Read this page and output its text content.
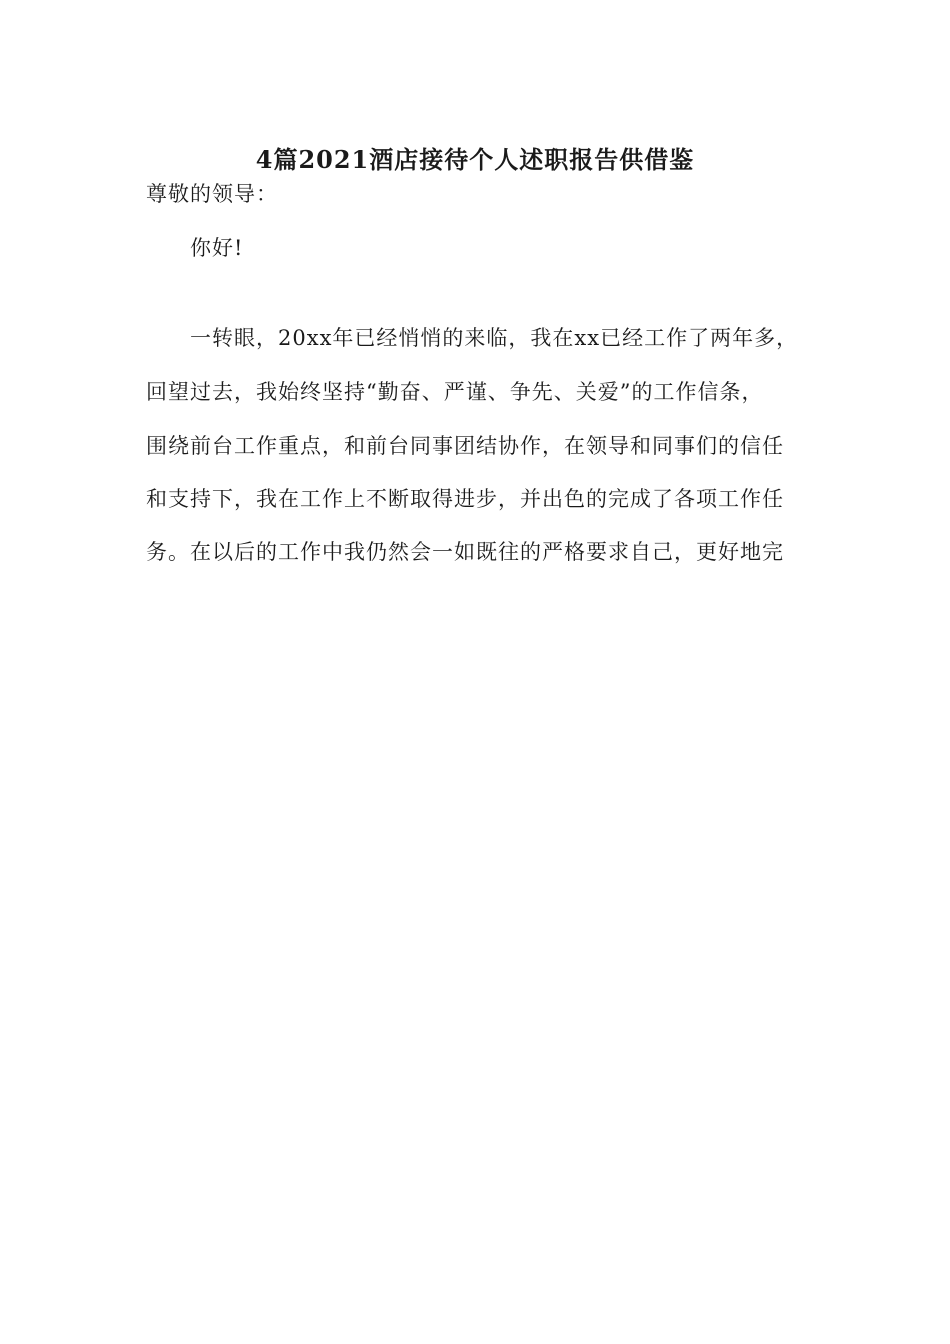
4篇2021酒店接待个人述职报告供借鉴
尊敬的领导：
你好!
一转眼，20xx年已经悄悄的来临，我在xx已经工作了两年多，
回望过去，我始终坚持“勤奋、严谨、争先、关爱”的工作信条，
围绕前台工作重点，和前台同事团结协作，在领导和同事们的信任
和支持下，我在工作上不断取得进步，并出色的完成了各项工作任
务。在以后的工作中我仍然会一如既往的严格要求自己，更好地完
